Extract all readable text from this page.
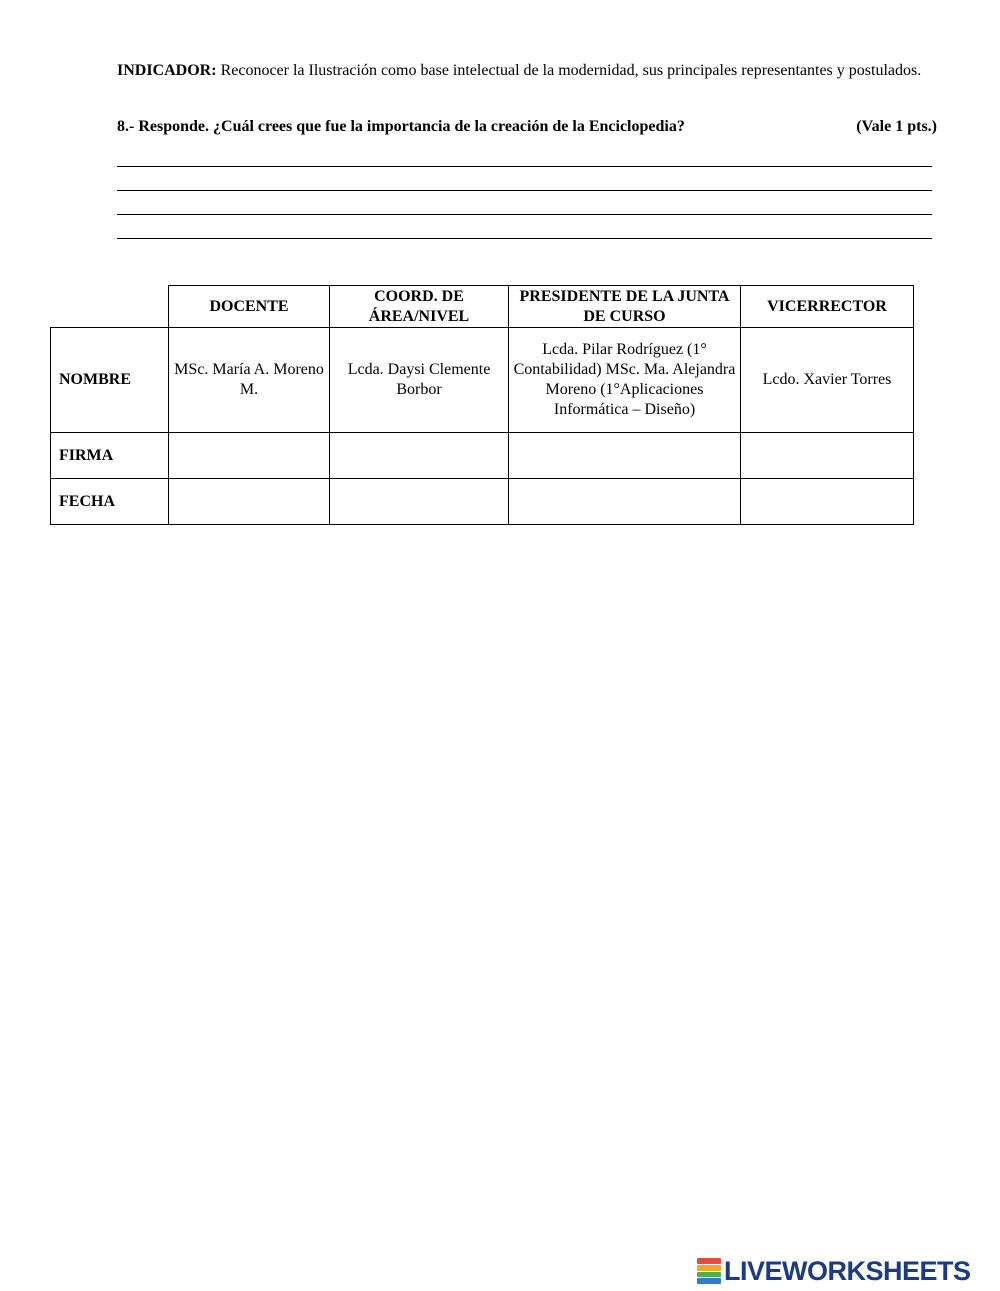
INDICADOR: Reconocer la Ilustración como base intelectual de la modernidad, sus principales representantes y postulados.

8.- Responde. ¿Cuál crees que fue la importancia de la creación de la Enciclopedia?	(Vale 1 pts.)
	DOCENTE	COORD. DE ÁREA/NIVEL	PRESIDENTE DE LA JUNTA DE CURSO	VICERRECTOR
NOMBRE	MSc. María A. Moreno M.	Lcda. Daysi Clemente Borbor	Lcda. Pilar Rodríguez (1° Contabilidad) MSc. Ma. Alejandra Moreno (1°Aplicaciones Informática – Diseño)	Lcdo. Xavier Torres
FIRMA				
FECHA				
LIVEWORKSHEETS
